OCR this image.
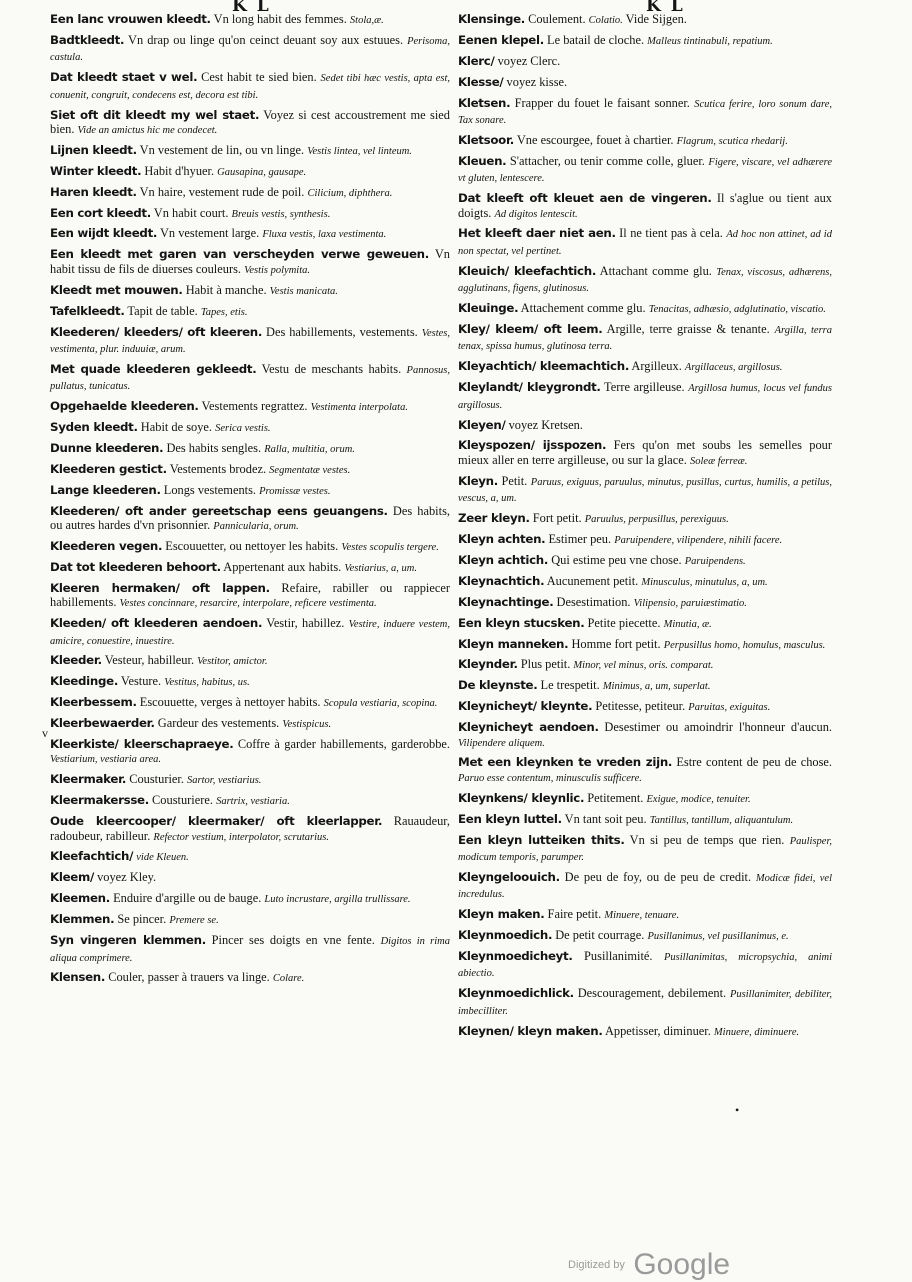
K L	K L
Een lanc vrouwen kleedt. Vn long habit des femmes. Stola,æ.
Badtkleedt. Vn drap ou linge qu'on ceinct deuant soy aux estuues. Perisoma, castula.
Dat kleedt staet v wel. Cest habit te sied bien. Sedet tibi hæc vestis, apta est, conuenit, congruit, condecens est, decora est tibi.
Siet oft dit kleedt my wel staet. Voyez si cest accoustrement me sied bien. Vide an amictus hic me condecet.
Lijnen kleedt. Vn vestement de lin, ou vn linge. Vestis lintea, vel linteum.
Winter kleedt. Habit d'hyuer. Gausapina, gausape.
Haren kleedt. Vn haire, vestement rude de poil. Cilicium, diphthera.
Een cort kleedt. Vn habit court. Breuis vestis, synthesis.
Een wijdt kleedt. Vn vestement large. Fluxa vestis, laxa vestimenta.
Een kleedt met garen van verscheyden verwe geweuen. Vn habit tissu de fils de diuerses couleurs. Vestis polymita.
Kleedt met mouwen. Habit à manche. Vestis manicata.
Tafelkleedt. Tapit de table. Tapes, etis.
Kleederen/ kleeders/ oft kleeren. Des habillements, vestements. Vestes, vestimenta, plur. induuiæ, arum.
Met quade kleederen gekleedt. Vestu de meschants habits. Pannosus, pullatus, tunicatus.
Opgehaelde kleederen. Vestements regrattez. Vestimenta interpolata.
Syden kleedt. Habit de soye. Serica vestis.
Dunne kleederen. Des habits sengles. Ralla, multitia, orum.
Kleederen gestict. Vestements brodez. Segmentatæ vestes.
Lange kleederen. Longs vestements. Promissæ vestes.
Kleederen/ oft ander gereetschap eens geuangens. Des habits, ou autres hardes d'vn prisonnier. Pannicularia, orum.
Kleederen vegen. Escouuetter, ou nettoyer les habits. Vestes scopulis tergere.
Dat tot kleederen behoort. Appertenant aux habits. Vestiarius, a, um.
Kleeren hermaken/ oft lappen. Refaire, rabiller ou rappiecer habillements. Vestes concinnare, resarcire, interpolare, reficere vestimenta.
Kleeden/ oft kleederen aendoen. Vestir, habillez. Vestire, induere vestem, amicire, conuestire, inuestire.
Kleeder. Vesteur, habilleur. Vestitor, amictor.
Kleedinge. Vesture. Vestitus, habitus, us.
Kleerbessem. Escouuette, verges à nettoyer habits. Scopula vestiaria, scopina.
Kleerbewaerder. Gardeur des vestements. Vestispicus.
Kleerkiste/ kleerschapraeye. Coffre à garder habillements, garderobbe. Vestiarium, vestiaria area.
Kleermaker. Cousturier. Sartor, vestiarius.
Kleermakersse. Cousturiere. Sartrix, vestiaria.
Oude kleercooper/ kleermaker/ oft kleerlapper. Rauaudeur, radoubeur, rabilleur. Refector vestium, interpolator, scrutarius.
Kleefachtich/ vide Kleuen.
Kleem/ voyez Kley.
Kleemen. Enduire d'argille ou de bauge. Luto incrustare, argilla trullissare.
Klemmen. Se pincer. Premere se.
Syn vingeren klemmen. Pincer ses doigts en vne fente. Digitos in rima aliqua comprimere.
Klensen. Couler, passer à trauers va linge. Colare.
Klensinge. Coulement. Colatio. Vide Sijgen.
Eenen klepel. Le batail de cloche. Malleus tintinabuli, repatium.
Klerc/ voyez Clerc.
Klesse/ voyez kisse.
Kletsen. Frapper du fouet le faisant sonner. Scutica ferire, loro sonum dare, Tax sonare.
Kletsoor. Vne escourgee, fouet à chartier. Flagrum, scutica rhedarij.
Kleuen. S'attacher, ou tenir comme colle, gluer. Figere, viscare, vel adhærere vt gluten, lentescere.
Dat kleeft oft kleuet aen de vingeren. Il s'aglue ou tient aux doigts. Ad digitos lentescit.
Het kleeft daer niet aen. Il ne tient pas à cela. Ad hoc non attinet, ad id non spectat, vel pertinet.
Kleuich/ kleefachtich. Attachant comme glu. Tenax, viscosus, adhærens, agglutinans, figens, glutinosus.
Kleuinge. Attachement comme glu. Tenacitas, adhæsio, adglutinatio, viscatio.
Kley/ kleem/ oft leem. Argille, terre graisse & tenante. Argilla, terra tenax, spissa humus, glutinosa terra.
Kleyachtich/ kleemachtich. Argilleux. Argillaceus, argillosus.
Kleylandt/ kleygrondt. Terre argilleuse. Argillosa humus, locus vel fundus argillosus.
Kleyen/ voyez Kretsen.
Kleyspozen/ ijsspozen. Fers qu'on met soubs les semelles pour mieux aller en terre argilleuse, ou sur la glace. Soleæ ferreæ.
Kleyn. Petit. Paruus, exiguus, paruulus, minutus, pusillus, curtus, humilis, a petilus, vescus, a, um.
Zeer kleyn. Fort petit. Paruulus, perpusillus, perexiguus.
Kleyn achten. Estimer peu. Paruipendere, vilipendere, nihili facere.
Kleyn achtich. Qui estime peu vne chose. Paruipendens.
Kleynachtich. Aucunement petit. Minusculus, minutulus, a, um.
Kleynachtinge. Desestimation. Vilipensio, paruiæstimatio.
Een kleyn stucsken. Petite piecette. Minutia, æ.
Kleyn manneken. Homme fort petit. Perpusillus homo, homulus, masculus.
Kleynder. Plus petit. Minor, vel minus, oris. comparat.
De kleynste. Le trespetit. Minimus, a, um, superlat.
Kleynicheyt/ kleynte. Petitesse, petiteur. Paruitas, exiguitas.
Kleynicheyt aendoen. Desestimer ou amoindrir l'honneur d'aucun. Vilipendere aliquem.
Met een kleynken te vreden zijn. Estre content de peu de chose. Paruo esse contentum, minusculis sufficere.
Kleynkens/ kleynlic. Petitement. Exigue, modice, tenuiter.
Een kleyn luttel. Vn tant soit peu. Tantillus, tantillum, aliquantulum.
Een kleyn lutteiken thits. Vn si peu de temps que rien. Paulisper, modicum temporis, parumper.
Kleyngeloouich. De peu de foy, ou de peu de credit. Modicæ fidei, vel incredulus.
Kleyn maken. Faire petit. Minuere, tenuare.
Kleynmoedich. De petit courrage. Pusillanimus, vel pusillanimus, e.
Kleynmoedicheyt. Pusillanimité. Pusillanimitas, micropsychia, animi abiectio.
Kleynmoedichlick. Descouragement, debilement. Pusillanimiter, debiliter, imbecilliter.
Kleynen/ kleyn maken. Appetisser, diminuer. Minuere, diminuere.
v
•
Digitized by Google
